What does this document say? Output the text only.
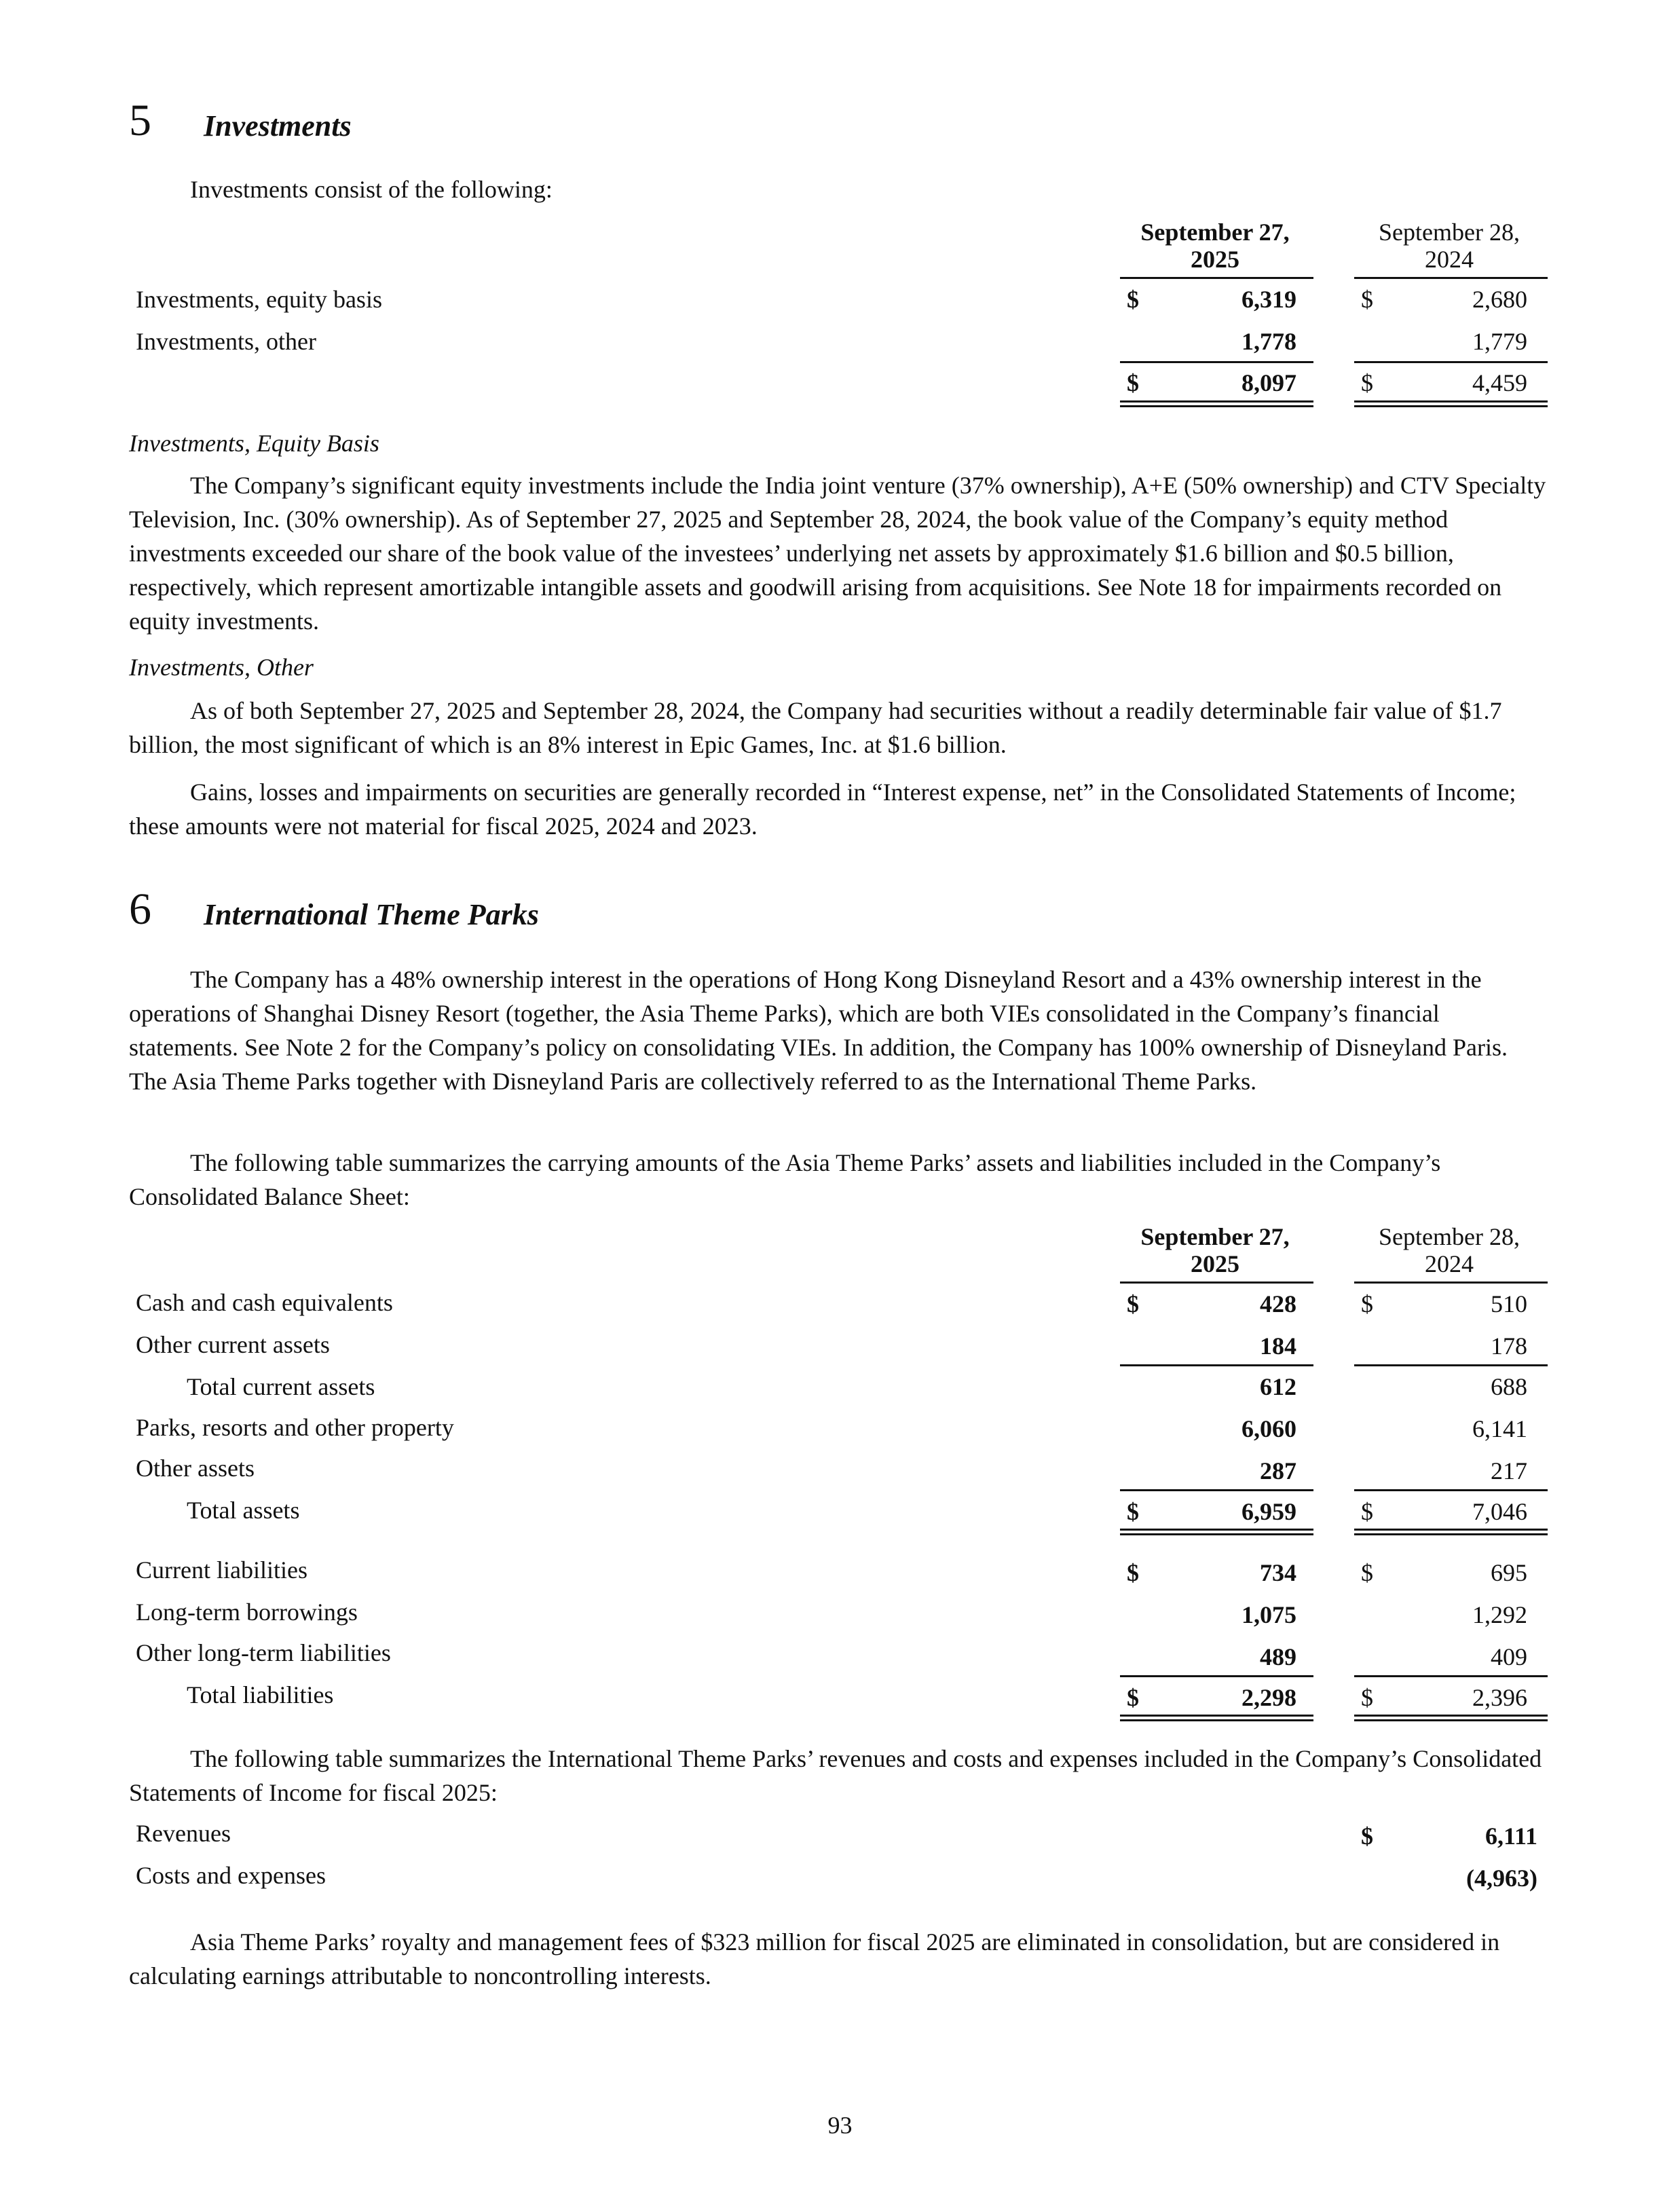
5 Investments
Investments consist of the following:
September 27,
2025
September 28,
2024
Investments, equity basis	$	6,319	$	2,680
Investments, other	1,778	1,779
$	8,097	$	4,459
Investments, Equity Basis
The Company’s significant equity investments include the India joint venture (37% ownership), A+E (50% ownership) and CTV Specialty Television, Inc. (30% ownership). As of September 27, 2025 and September 28, 2024, the book value of the Company’s equity method investments exceeded our share of the book value of the investees’ underlying net assets by approximately $1.6 billion and $0.5 billion, respectively, which represent amortizable intangible assets and goodwill arising from acquisitions. See Note 18 for impairments recorded on equity investments.
Investments, Other
As of both September 27, 2025 and September 28, 2024, the Company had securities without a readily determinable fair value of $1.7 billion, the most significant of which is an 8% interest in Epic Games, Inc. at $1.6 billion.
Gains, losses and impairments on securities are generally recorded in “Interest expense, net” in the Consolidated Statements of Income; these amounts were not material for fiscal 2025, 2024 and 2023.
6 International Theme Parks
The Company has a 48% ownership interest in the operations of Hong Kong Disneyland Resort and a 43% ownership interest in the operations of Shanghai Disney Resort (together, the Asia Theme Parks), which are both VIEs consolidated in the Company’s financial statements. See Note 2 for the Company’s policy on consolidating VIEs. In addition, the Company has 100% ownership of Disneyland Paris. The Asia Theme Parks together with Disneyland Paris are collectively referred to as the International Theme Parks.
The following table summarizes the carrying amounts of the Asia Theme Parks’ assets and liabilities included in the Company’s Consolidated Balance Sheet:
September 27,
2025
September 28,
2024
Cash and cash equivalents	$	428	$	510
Other current assets	184	178
Total current assets	612	688
Parks, resorts and other property	6,060	6,141
Other assets	287	217
Total assets	$	6,959	$	7,046
Current liabilities	$	734	$	695
Long-term borrowings	1,075	1,292
Other long-term liabilities	489	409
Total liabilities	$	2,298	$	2,396
The following table summarizes the International Theme Parks’ revenues and costs and expenses included in the Company’s Consolidated Statements of Income for fiscal 2025:
Revenues	$	6,111
Costs and expenses	(4,963)
Asia Theme Parks’ royalty and management fees of $323 million for fiscal 2025 are eliminated in consolidation, but are considered in calculating earnings attributable to noncontrolling interests.
93
